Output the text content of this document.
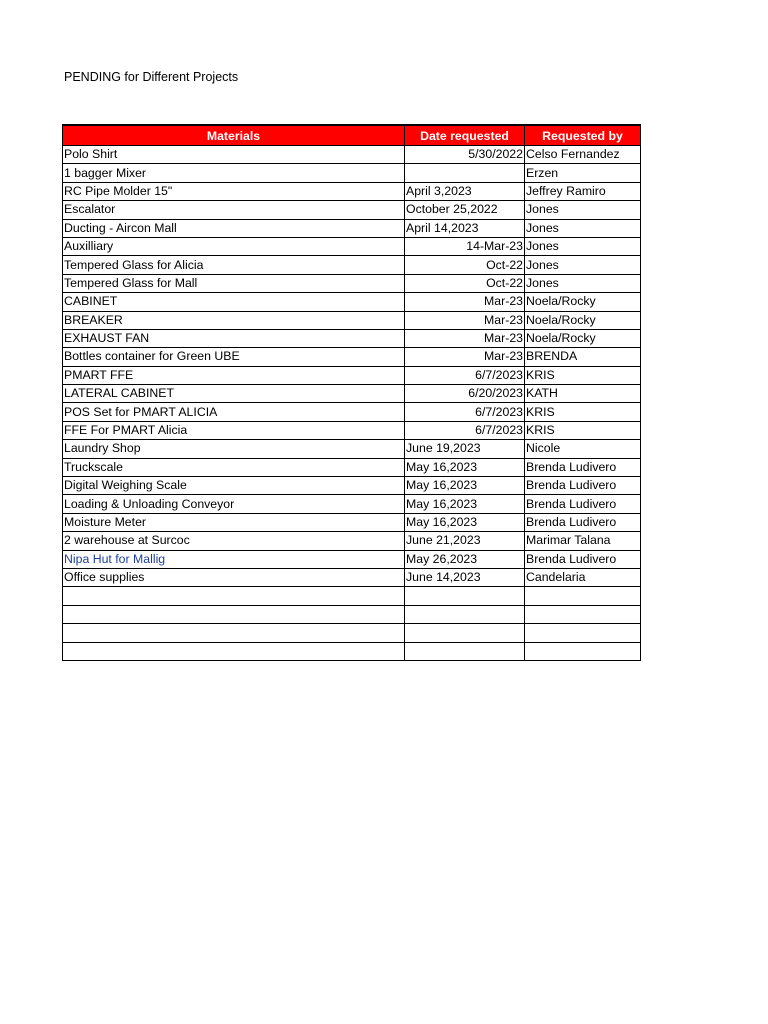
PENDING for Different Projects
Materials	Date requested	Requested by
Polo Shirt	5/30/2022	Celso Fernandez
1 bagger Mixer		Erzen
RC Pipe Molder 15"	April 3,2023	Jeffrey Ramiro
Escalator	October 25,2022	Jones
Ducting - Aircon Mall	April 14,2023	Jones
Auxilliary	14-Mar-23	Jones
Tempered Glass for Alicia	Oct-22	Jones
Tempered Glass for Mall	Oct-22	Jones
CABINET	Mar-23	Noela/Rocky
BREAKER	Mar-23	Noela/Rocky
EXHAUST FAN	Mar-23	Noela/Rocky
Bottles container for Green UBE	Mar-23	BRENDA
PMART FFE	6/7/2023	KRIS
LATERAL CABINET	6/20/2023	KATH
POS Set for PMART ALICIA	6/7/2023	KRIS
FFE For PMART Alicia	6/7/2023	KRIS
Laundry Shop	June 19,2023	Nicole
Truckscale	May 16,2023	Brenda Ludivero
Digital Weighing Scale	May 16,2023	Brenda Ludivero
Loading & Unloading Conveyor	May 16,2023	Brenda Ludivero
Moisture Meter	May 16,2023	Brenda Ludivero
2 warehouse at Surcoc	June 21,2023	Marimar Talana
Nipa Hut for Mallig	May 26,2023	Brenda Ludivero
Office supplies	June 14,2023	Candelaria
